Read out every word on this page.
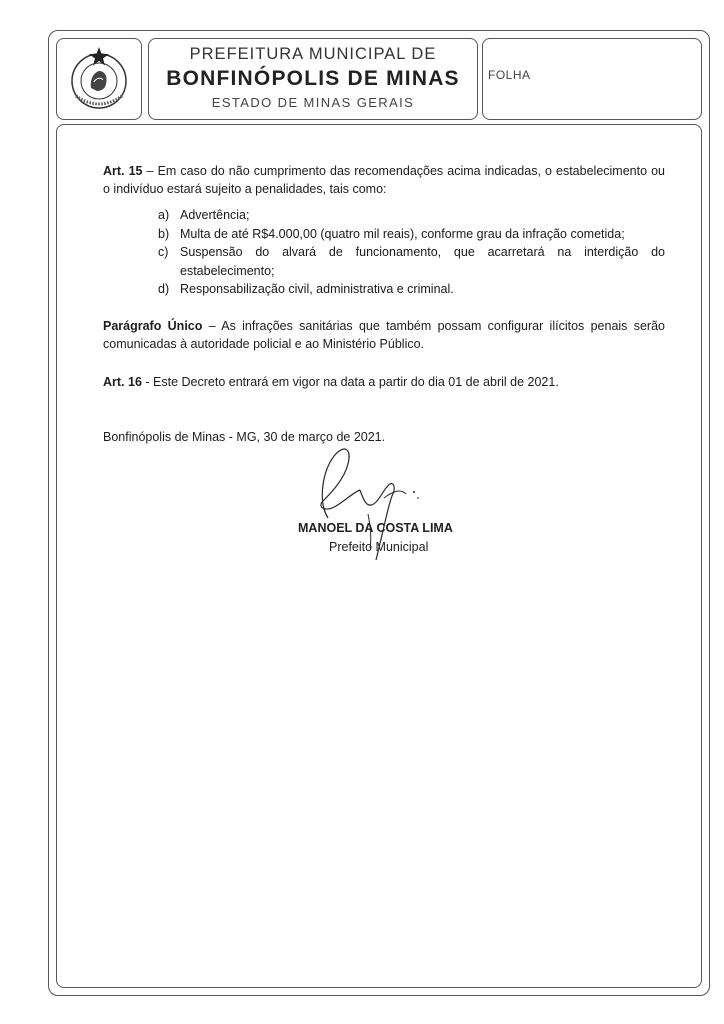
PREFEITURA MUNICIPAL DE
BONFINÓPOLIS DE MINAS
ESTADO DE MINAS GERAIS
FOLHA
Art. 15 – Em caso do não cumprimento das recomendações acima indicadas, o estabelecimento ou o indivíduo estará sujeito a penalidades, tais como:
a) Advertência;
b) Multa de até R$4.000,00 (quatro mil reais), conforme grau da infração cometida;
c) Suspensão do alvará de funcionamento, que acarretará na interdição do estabelecimento;
d) Responsabilização civil, administrativa e criminal.
Parágrafo Único – As infrações sanitárias que também possam configurar ilícitos penais serão comunicadas à autoridade policial e ao Ministério Público.
Art. 16 - Este Decreto entrará em vigor na data a partir do dia 01 de abril de 2021.
Bonfinópolis de Minas - MG, 30 de março de 2021.
MANOEL DA COSTA LIMA
Prefeito Municipal
